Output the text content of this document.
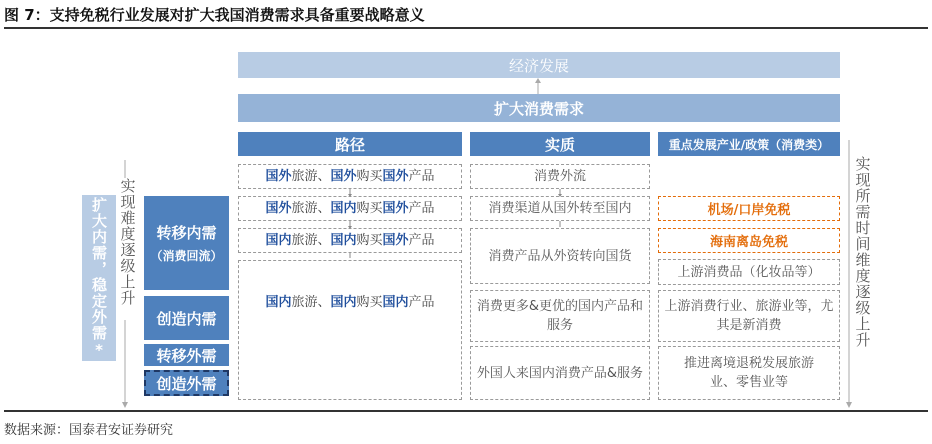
图 7：支持免税行业发展对扩大我国消费需求具备重要战略意义
经济发展
扩大消费需求
路径	实质	重点发展产业/政策（消费类）
扩大内需，稳定外需* 实现难度逐级上升 转移内需
（消费回流）
创造内需
转移外需
创造外需
国外旅游、国外购买国外产品
国外旅游、国内购买国外产品
国内旅游、国内购买国外产品
国内旅游、国内购买国内产品
消费外流
消费渠道从国外转至国内
消费产品从外资转向国货
消费更多&更优的国内产品和服务
外国人来国内消费产品&服务
机场/口岸免税
海南离岛免税
上游消费品（化妆品等）
上游消费行业、旅游业等，尤其是新消费
推进离境退税发展旅游业、零售业等
实现所需时间维度逐级上升
数据来源：国泰君安证券研究
